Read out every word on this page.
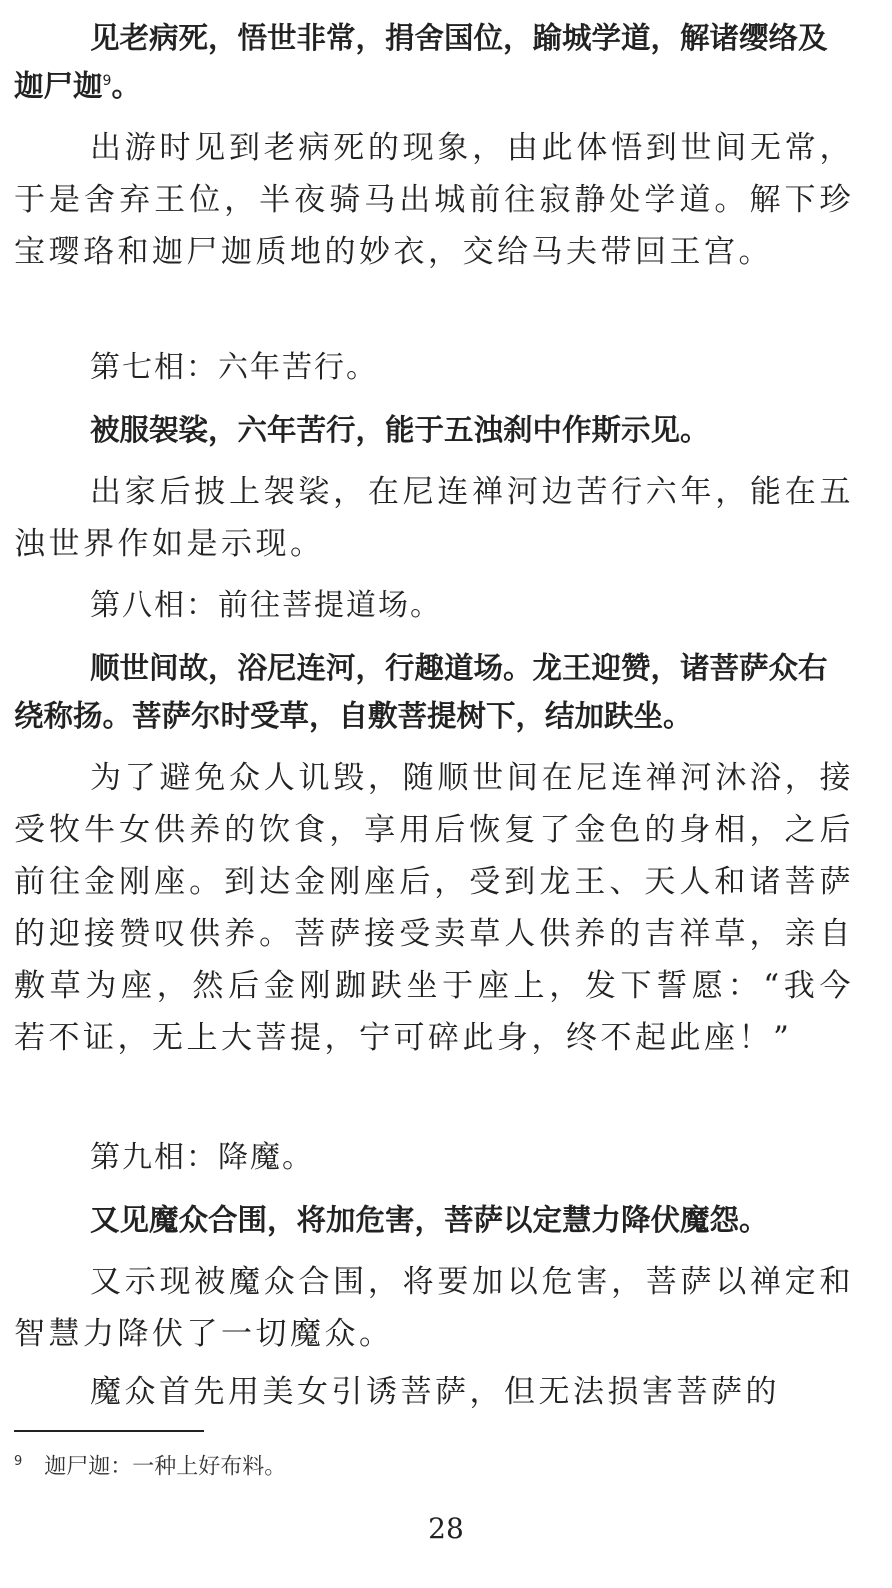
见老病死，悟世非常，捐舍国位，踰城学道，解诸缨络及迦尸迦$^9$。

出游时见到老病死的现象，由此体悟到世间无常，于是舍弃王位，半夜骑马出城前往寂静处学道。解下珍宝璎珞和迦尸迦质地的妙衣，交给马夫带回王宫。

第七相：六年苦行。

被服袈裟，六年苦行，能于五浊刹中作斯示见。

出家后披上袈裟，在尼连禅河边苦行六年，能在五浊世界作如是示现。

第八相：前往菩提道场。

顺世间故，浴尼连河，行趣道场。龙王迎赞，诸菩萨众右绕称扬。菩萨尔时受草，自敷菩提树下，结加趺坐。

为了避免众人讥毁，随顺世间在尼连禅河沐浴，接受牧牛女供养的饮食，享用后恢复了金色的身相，之后前往金刚座。到达金刚座后，受到龙王、天人和诸菩萨的迎接赞叹供养。菩萨接受卖草人供养的吉祥草，亲自敷草为座，然后金刚跏趺坐于座上，发下誓愿：“我今若不证，无上大菩提，宁可碎此身，终不起此座！”

第九相：降魔。

又见魔众合围，将加危害，菩萨以定慧力降伏魔怨。

又示现被魔众合围，将要加以危害，菩萨以禅定和智慧力降伏了一切魔众。

魔众首先用美女引诱菩萨，但无法损害菩萨的

$^9$ 迦尸迦：一种上好布料。
28
